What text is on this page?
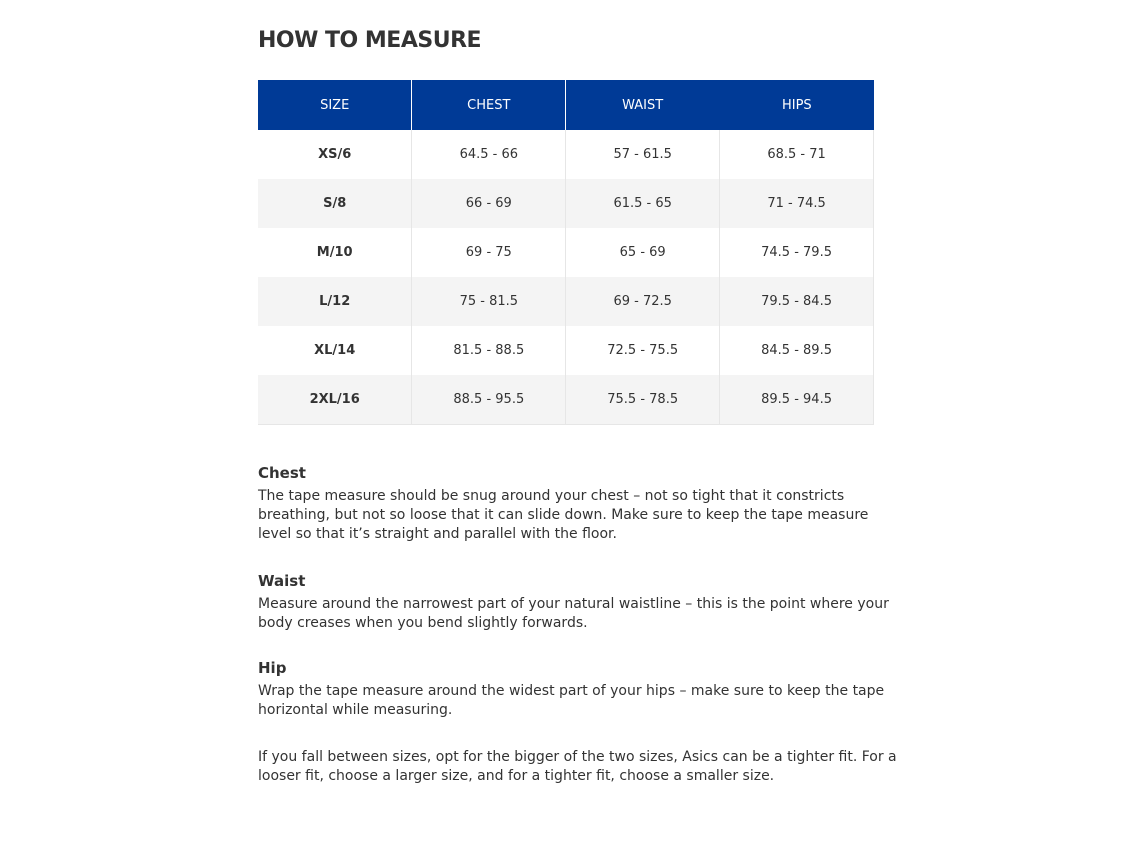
HOW TO MEASURE
SIZE	CHEST	WAIST	HIPS
XS/6	64.5 - 66	57 - 61.5	68.5 - 71
S/8	66 - 69	61.5 - 65	71 - 74.5
M/10	69 - 75	65 - 69	74.5 - 79.5
L/12	75 - 81.5	69 - 72.5	79.5 - 84.5
XL/14	81.5 - 88.5	72.5 - 75.5	84.5 - 89.5
2XL/16	88.5 - 95.5	75.5 - 78.5	89.5 - 94.5
Chest

The tape measure should be snug around your chest – not so tight that it constricts breathing, but not so loose that it can slide down. Make sure to keep the tape measure level so that it’s straight and parallel with the floor.

Waist

Measure around the narrowest part of your natural waistline – this is the point where your body creases when you bend slightly forwards.

Hip

Wrap the tape measure around the widest part of your hips – make sure to keep the tape horizontal while measuring.

If you fall between sizes, opt for the bigger of the two sizes, Asics can be a tighter fit. For a looser fit, choose a larger size, and for a tighter fit, choose a smaller size.
